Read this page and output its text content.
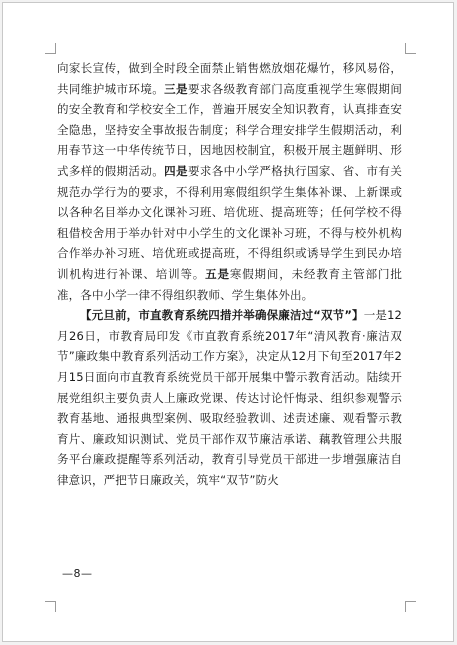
向家长宣传，做到全时段全面禁止销售燃放烟花爆竹，移风易俗，共同维护城市环境。三是要求各级教育部门高度重视学生寒假期间的安全教育和学校安全工作，普遍开展安全知识教育，认真排查安全隐患，坚持安全事故报告制度；科学合理安排学生假期活动，利用春节这一中华传统节日，因地因校制宜，积极开展主题鲜明、形式多样的假期活动。四是要求各中小学严格执行国家、省、市有关规范办学行为的要求，不得利用寒假组织学生集体补课、上新课或以各种名目举办文化课补习班、培优班、提高班等；任何学校不得租借校舍用于举办针对中小学生的文化课补习班，不得与校外机构合作举办补习班、培优班或提高班，不得组织或诱导学生到民办培训机构进行补课、培训等。五是寒假期间，未经教育主管部门批准，各中小学一律不得组织教师、学生集体外出。

【元旦前，市直教育系统四措并举确保廉洁过“双节”】一是12月26日，市教育局印发《市直教育系统2017年“清风教育·廉洁双节”廉政集中教育系列活动工作方案》，决定从12月下旬至2017年2月15日面向市直教育系统党员干部开展集中警示教育活动。陆续开展党组织主要负责人上廉政党课、传达讨论忏悔录、组织参观警示教育基地、通报典型案例、吸取经验教训、述责述廉、观看警示教育片、廉政知识测试、党员干部作双节廉洁承诺、藕教管理公共服务平台廉政提醒等系列活动，教育引导党员干部进一步增强廉洁自律意识，严把节日廉政关，筑牢“双节”防火

—8—
